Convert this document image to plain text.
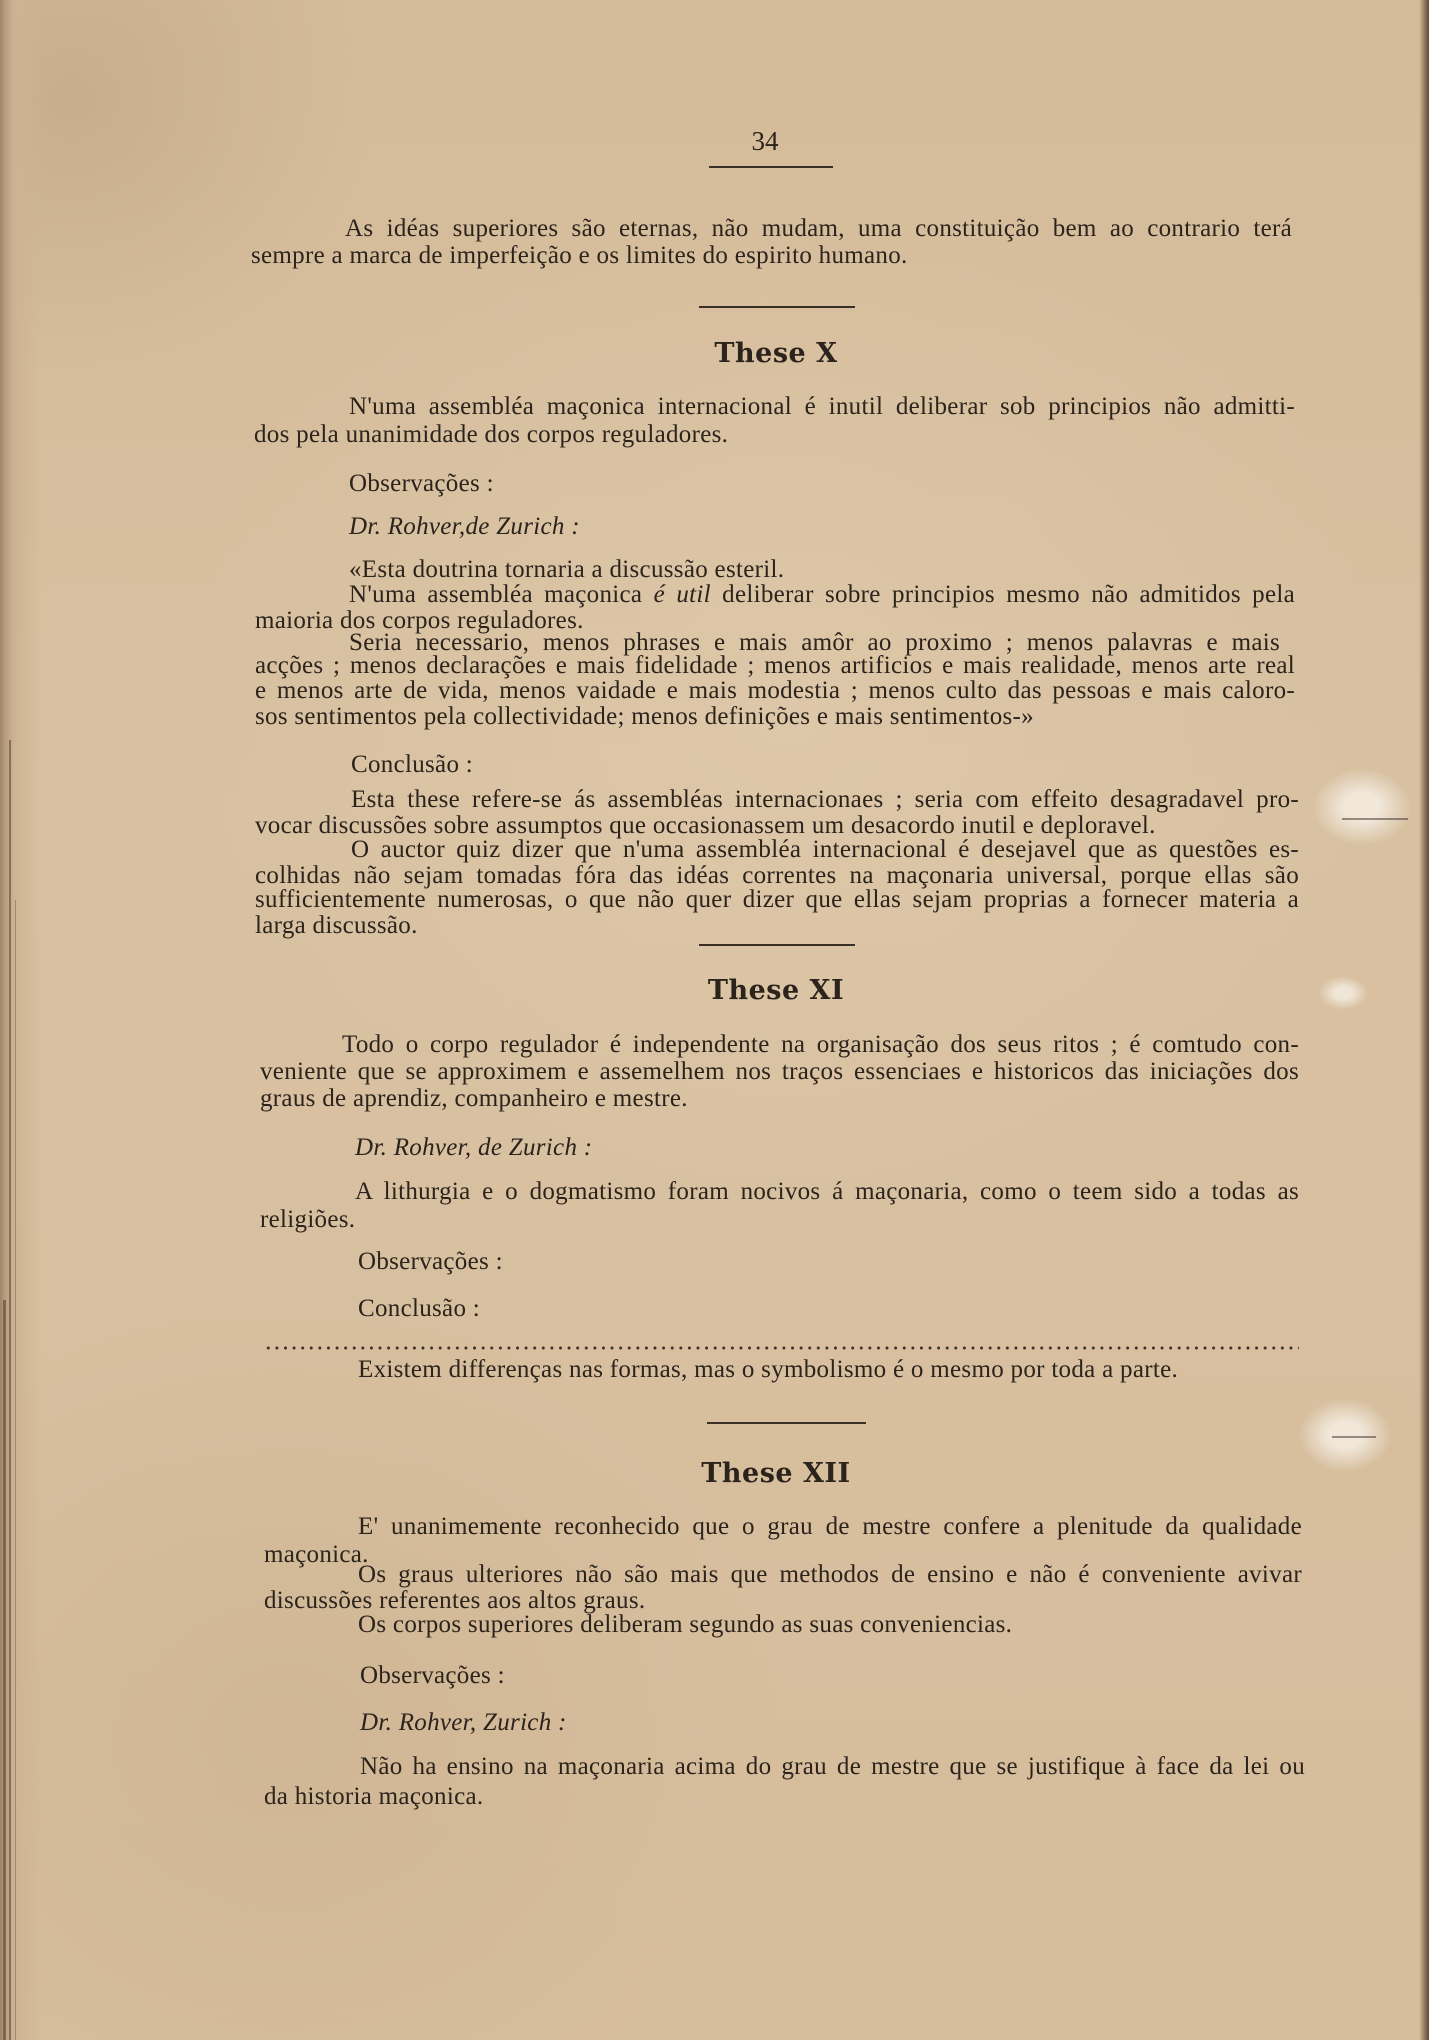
34
As idéas superiores são eternas, não mudam, uma constituição bem ao contrario terá
sempre a marca de imperfeição e os limites do espirito humano.
These X
N'uma assembléa maçonica internacional é inutil deliberar sob principios não admitti-
dos pela unanimidade dos corpos reguladores.
Observações :
Dr. Rohver,de Zurich :
«Esta doutrina tornaria a discussão esteril.
N'uma assembléa maçonica é util deliberar sobre principios mesmo não admitidos pela
maioria dos corpos reguladores.
Seria necessario, menos phrases e mais amôr ao proximo ; menos palavras e mais
acções ; menos declarações e mais fidelidade ; menos artificios e mais realidade, menos arte real
e menos arte de vida, menos vaidade e mais modestia ; menos culto das pessoas e mais caloro-
sos sentimentos pela collectividade; menos definições e mais sentimentos-»
Conclusão :
Esta these refere-se ás assembléas internacionaes ; seria com effeito desagradavel pro-
vocar discussões sobre assumptos que occasionassem um desacordo inutil e deploravel.
O auctor quiz dizer que n'uma assembléa internacional é desejavel que as questões es-
colhidas não sejam tomadas fóra das idéas correntes na maçonaria universal, porque ellas são
sufficientemente numerosas, o que não quer dizer que ellas sejam proprias a fornecer materia a
larga discussão.
These XI
Todo o corpo regulador é independente na organisação dos seus ritos ; é comtudo con-
veniente que se approximem e assemelhem nos traços essenciaes e historicos das iniciações dos
graus de aprendiz, companheiro e mestre.
Dr. Rohver, de Zurich :
A lithurgia e o dogmatismo foram nocivos á maçonaria, como o teem sido a todas as
religiões.
Observações :
Conclusão :
Existem differenças nas formas, mas o symbolismo é o mesmo por toda a parte.
These XII
E' unanimemente reconhecido que o grau de mestre confere a plenitude da qualidade
maçonica.
Os graus ulteriores não são mais que methodos de ensino e não é conveniente avivar
discussões referentes aos altos graus.
Os corpos superiores deliberam segundo as suas conveniencias.
Observações :
Dr. Rohver, Zurich :
Não ha ensino na maçonaria acima do grau de mestre que se justifique à face da lei ou
da historia maçonica.
